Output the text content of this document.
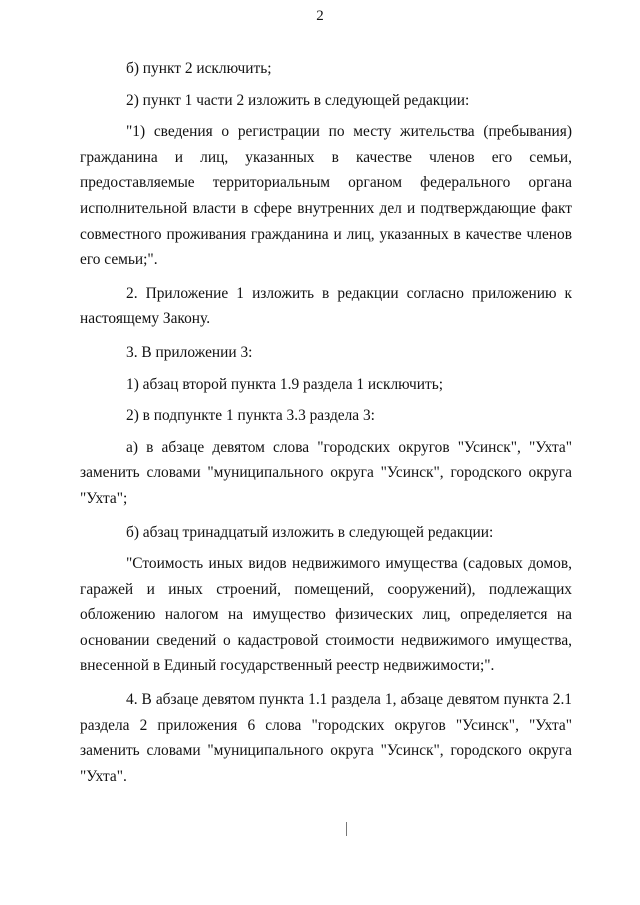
2

б) пункт 2 исключить;

2) пункт 1 части 2 изложить в следующей редакции:

"1) сведения о регистрации по месту жительства (пребывания) гражданина и лиц, указанных в качестве членов его семьи, предоставляемые территориальным органом федерального органа исполнительной власти в сфере внутренних дел и подтверждающие факт совместного проживания гражданина и лиц, указанных в качестве членов его семьи;".

2. Приложение 1 изложить в редакции согласно приложению к настоящему Закону.

3. В приложении 3:

1) абзац второй пункта 1.9 раздела 1 исключить;

2) в подпункте 1 пункта 3.3 раздела 3:

а) в абзаце девятом слова "городских округов "Усинск", "Ухта" заменить словами "муниципального округа "Усинск", городского округа "Ухта";

б) абзац тринадцатый изложить в следующей редакции:

"Стоимость иных видов недвижимого имущества (садовых домов, гаражей и иных строений, помещений, сооружений), подлежащих обложению налогом на имущество физических лиц, определяется на основании сведений о кадастровой стоимости недвижимого имущества, внесенной в Единый государственный реестр недвижимости;".

4. В абзаце девятом пункта 1.1 раздела 1, абзаце девятом пункта 2.1 раздела 2 приложения 6 слова "городских округов "Усинск", "Ухта" заменить словами "муниципального округа "Усинск", городского округа "Ухта".
